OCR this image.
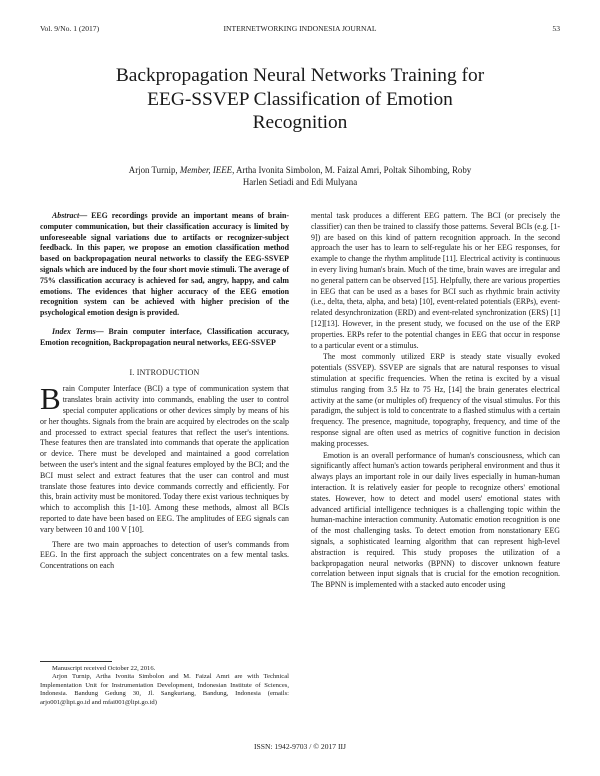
Vol. 9/No. 1 (2017)	INTERNETWORKING INDONESIA JOURNAL	53
Backpropagation Neural Networks Training for
EEG-SSVEP Classification of Emotion
Recognition
Arjon Turnip, Member, IEEE, Artha Ivonita Simbolon, M. Faizal Amri, Poltak Sihombing, Roby
Harlen Setiadi and Edi Mulyana

Abstract— EEG recordings provide an important means of brain-computer communication, but their classification accuracy is limited by unforeseeable signal variations due to artifacts or recognizer-subject feedback. In this paper, we propose an emotion classification method based on backpropagation neural networks to classify the EEG-SSVEP signals which are induced by the four short movie stimuli. The average of 75% classification accuracy is achieved for sad, angry, happy, and calm emotions. The evidences that higher accuracy of the EEG emotion recognition system can be achieved with higher precision of the psychological emotion design is provided.

Index Terms— Brain computer interface, Classification accuracy, Emotion recognition, Backpropagation neural networks, EEG-SSVEP

I. INTRODUCTION

Brain Computer Interface (BCI) a type of communication system that translates brain activity into commands, enabling the user to control special computer applications or other devices simply by means of his or her thoughts. Signals from the brain are acquired by electrodes on the scalp and processed to extract special features that reflect the user's intentions. These features then are translated into commands that operate the application or device. There must be developed and maintained a good correlation between the user's intent and the signal features employed by the BCI; and the BCI must select and extract features that the user can control and must translate those features into device commands correctly and efficiently. For this, brain activity must be monitored. Today there exist various techniques by which to accomplish this [1-10]. Among these methods, almost all BCIs reported to date have been based on EEG. The amplitudes of EEG signals can vary between 10 and 100 V [10].

There are two main approaches to detection of user's commands from EEG. In the first approach the subject concentrates on a few mental tasks. Concentrations on each

Manuscript received October 22, 2016.

Arjon Turnip, Artha Ivonita Simbolon and M. Faizal Amri are with Technical Implementation Unit for Instrumentation Development, Indonesian Institute of Sciences, Indonesia. Bandung Gedung 30, Jl. Sangkuriang, Bandung, Indonesia (emails: arjo001@lipi.go.id and mfai001@lipi.go.id)

mental task produces a different EEG pattern. The BCI (or precisely the classifier) can then be trained to classify those patterns. Several BCIs (e.g. [1-9]) are based on this kind of pattern recognition approach. In the second approach the user has to learn to self-regulate his or her EEG responses, for example to change the rhythm amplitude [11]. Electrical activity is continuous in every living human's brain. Much of the time, brain waves are irregular and no general pattern can be observed [15]. Helpfully, there are various properties in EEG that can be used as a bases for BCI such as rhythmic brain activity (i.e., delta, theta, alpha, and beta) [10], event-related potentials (ERPs), event-related desynchronization (ERD) and event-related synchronization (ERS) [1][12][13]. However, in the present study, we focused on the use of the ERP properties. ERPs refer to the potential changes in EEG that occur in response to a particular event or a stimulus.

The most commonly utilized ERP is steady state visually evoked potentials (SSVEP). SSVEP are signals that are natural responses to visual stimulation at specific frequencies. When the retina is excited by a visual stimulus ranging from 3.5 Hz to 75 Hz, [14] the brain generates electrical activity at the same (or multiples of) frequency of the visual stimulus. For this paradigm, the subject is told to concentrate to a flashed stimulus with a certain frequency. The presence, magnitude, topography, frequency, and time of the response signal are often used as metrics of cognitive function in decision making processes.

Emotion is an overall performance of human's consciousness, which can significantly affect human's action towards peripheral environment and thus it always plays an important role in our daily lives especially in human-human interaction. It is relatively easier for people to recognize others' emotional states. However, how to detect and model users' emotional states with advanced artificial intelligence techniques is a challenging topic within the human-machine interaction community. Automatic emotion recognition is one of the most challenging tasks. To detect emotion from nonstationary EEG signals, a sophisticated learning algorithm that can represent high-level abstraction is required. This study proposes the utilization of a backpropagation neural networks (BPNN) to discover unknown feature correlation between input signals that is crucial for the emotion recognition. The BPNN is implemented with a stacked auto encoder using

ISSN: 1942-9703 / © 2017 IIJ
